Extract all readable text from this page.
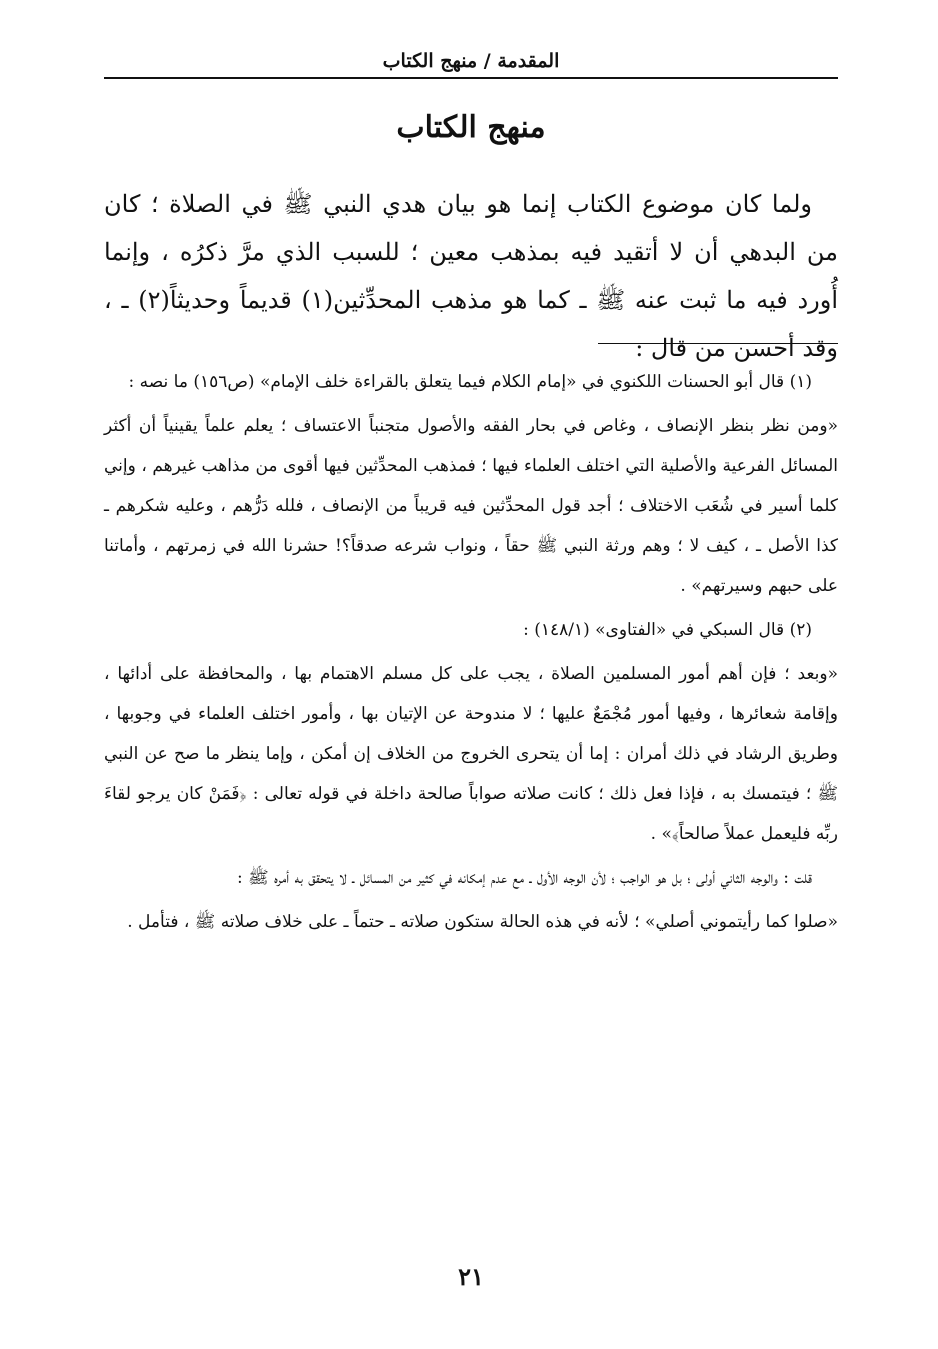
المقدمة / منهج الكتاب
منهج الكتاب

ولما كان موضوع الكتاب إنما هو بيان هدي النبي ﷺ في الصلاة ؛ كان من البدهي أن لا أتقيد فيه بمذهب معين ؛ للسبب الذي مرَّ ذكرُه ، وإنما أُورد فيه ما ثبت عنه ﷺ ـ كما هو مذهب المحدِّثين(١) قديماً وحديثاً(٢) ـ ، وقد أحسن من قال :

(١) قال أبو الحسنات اللكنوي في «إمام الكلام فيما يتعلق بالقراءة خلف الإمام» (ص١٥٦) ما نصه :

«ومن نظر بنظر الإنصاف ، وغاص في بحار الفقه والأصول متجنباً الاعتساف ؛ يعلم علماً يقينياً أن أكثر المسائل الفرعية والأصلية التي اختلف العلماء فيها ؛ فمذهب المحدِّثين فيها أقوى من مذاهب غيرهم ، وإني كلما أسير في شُعَب الاختلاف ؛ أجد قول المحدِّثين فيه قريباً من الإنصاف ، فلله دَرُّهم ، وعليه شكرهم ـ كذا الأصل ـ ، كيف لا ؛ وهم ورثة النبي ﷺ حقاً ، ونواب شرعه صدقاً؟! حشرنا الله في زمرتهم ، وأماتنا على حبهم وسيرتهم» .

(٢) قال السبكي في «الفتاوى» (١٤٨/١) :

«وبعد ؛ فإن أهم أمور المسلمين الصلاة ، يجب على كل مسلم الاهتمام بها ، والمحافظة على أدائها ، وإقامة شعائرها ، وفيها أمور مُجْمَعٌ عليها ؛ لا مندوحة عن الإتيان بها ، وأمور اختلف العلماء في وجوبها ، وطريق الرشاد في ذلك أمران : إما أن يتحرى الخروج من الخلاف إن أمكن ، وإما ينظر ما صح عن النبي ﷺ ؛ فيتمسك به ، فإذا فعل ذلك ؛ كانت صلاته صواباً صالحة داخلة في قوله تعالى : ﴿فَمَنْ كان يرجو لقاءَ ربِّه فليعمل عملاً صالحاً﴾» .

قلت : والوجه الثاني أولى ؛ بل هو الواجب ؛ لأن الوجه الأول ـ مع عدم إمكانه في كثير من المسائل ـ لا يتحقق به أمره ﷺ :

«صلوا كما رأيتموني أصلي» ؛ لأنه في هذه الحالة ستكون صلاته ـ حتماً ـ على خلاف صلاته ﷺ ، فتأمل .

٢١
